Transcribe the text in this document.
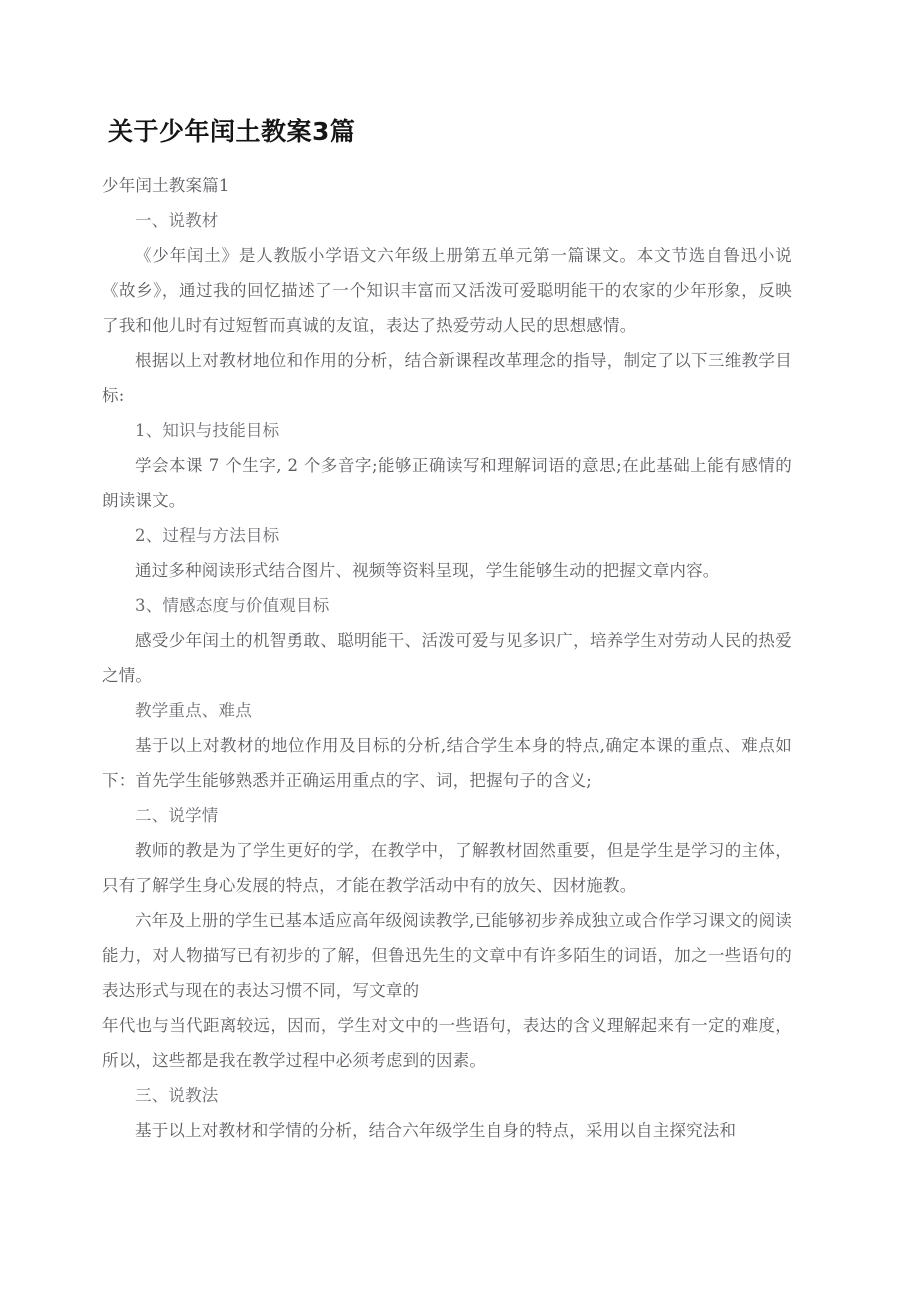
关于少年闰土教案3篇

少年闰土教案篇1

一、说教材

《少年闰土》是人教版小学语文六年级上册第五单元第一篇课文。本文节选自鲁迅小说《故乡》，通过我的回忆描述了一个知识丰富而又活泼可爱聪明能干的农家的少年形象，反映了我和他儿时有过短暂而真诚的友谊，表达了热爱劳动人民的思想感情。

根据以上对教材地位和作用的分析，结合新课程改革理念的指导，制定了以下三维教学目标:

1、知识与技能目标

学会本课 7 个生字, 2 个多音字;能够正确读写和理解词语的意思;在此基础上能有感情的朗读课文。

2、过程与方法目标

通过多种阅读形式结合图片、视频等资料呈现，学生能够生动的把握文章内容。

3、情感态度与价值观目标

感受少年闰土的机智勇敢、聪明能干、活泼可爱与见多识广，培养学生对劳动人民的热爱之情。

教学重点、难点

基于以上对教材的地位作用及目标的分析,结合学生本身的特点,确定本课的重点、难点如下：首先学生能够熟悉并正确运用重点的字、词，把握句子的含义;

二、说学情

教师的教是为了学生更好的学，在教学中，了解教材固然重要，但是学生是学习的主体，只有了解学生身心发展的特点，才能在教学活动中有的放矢、因材施教。

六年及上册的学生已基本适应高年级阅读教学,已能够初步养成独立或合作学习课文的阅读能力，对人物描写已有初步的了解，但鲁迅先生的文章中有许多陌生的词语，加之一些语句的表达形式与现在的表达习惯不同，写文章的

年代也与当代距离较远，因而，学生对文中的一些语句，表达的含义理解起来有一定的难度，所以，这些都是我在教学过程中必须考虑到的因素。

三、说教法

基于以上对教材和学情的分析，结合六年级学生自身的特点，采用以自主探究法和
